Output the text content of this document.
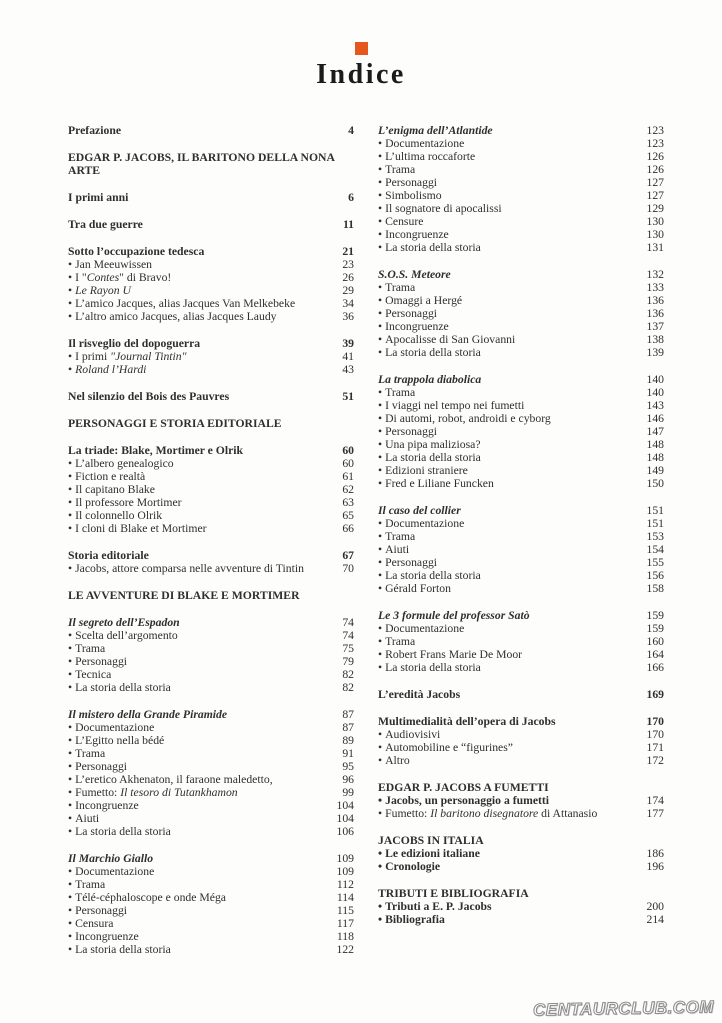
Indice
Prefazione	4
EDGAR P. JACOBS, IL BARITONO DELLA NONA ARTE
I primi anni	6
Tra due guerre	11
Sotto l’occupazione tedesca	21
• Jan Meeuwissen	23
• I "Contes" di Bravo!	26
• Le Rayon U	29
• L’amico Jacques, alias Jacques Van Melkebeke	34
• L’altro amico Jacques, alias Jacques Laudy	36
Il risveglio del dopoguerra	39
• I primi "Journal Tintin"	41
• Roland l’Hardi	43
Nel silenzio del Bois des Pauvres	51
PERSONAGGI E STORIA EDITORIALE
La triade: Blake, Mortimer e Olrik	60
• L’albero genealogico	60
• Fiction e realtà	61
• Il capitano Blake	62
• Il professore Mortimer	63
• Il colonnello Olrik	65
• I cloni di Blake et Mortimer	66
Storia editoriale	67
• Jacobs, attore comparsa nelle avventure di Tintin	70
LE AVVENTURE DI BLAKE E MORTIMER
Il segreto dell’Espadon	74
• Scelta dell’argomento	74
• Trama	75
• Personaggi	79
• Tecnica	82
• La storia della storia	82
Il mistero della Grande Piramide	87
• Documentazione	87
• L’Egitto nella bédé	89
• Trama	91
• Personaggi	95
• L’eretico Akhenaton, il faraone maledetto,	96
• Fumetto: Il tesoro di Tutankhamon	99
• Incongruenze	104
• Aiuti	104
• La storia della storia	106
Il Marchio Giallo	109
• Documentazione	109
• Trama	112
• Télé-céphaloscope e onde Méga	114
• Personaggi	115
• Censura	117
• Incongruenze	118
• La storia della storia	122
L’enigma dell’Atlantide	123
• Documentazione	123
• L’ultima roccaforte	126
• Trama	126
• Personaggi	127
• Simbolismo	127
• Il sognatore di apocalissi	129
• Censure	130
• Incongruenze	130
• La storia della storia	131
S.O.S. Meteore	132
• Trama	133
• Omaggi a Hergé	136
• Personaggi	136
• Incongruenze	137
• Apocalisse di San Giovanni	138
• La storia della storia	139
La trappola diabolica	140
• Trama	140
• I viaggi nel tempo nei fumetti	143
• Di automi, robot, androidi e cyborg	146
• Personaggi	147
• Una pipa maliziosa?	148
• La storia della storia	148
• Edizioni straniere	149
• Fred e Liliane Funcken	150
Il caso del collier	151
• Documentazione	151
• Trama	153
• Aiuti	154
• Personaggi	155
• La storia della storia	156
• Gérald Forton	158
Le 3 formule del professor Satò	159
• Documentazione	159
• Trama	160
• Robert Frans Marie De Moor	164
• La storia della storia	166
L’eredità Jacobs	169
Multimedialità dell’opera di Jacobs	170
• Audiovisivi	170
• Automobiline e “figurines”	171
• Altro	172
EDGAR P. JACOBS A FUMETTI
• Jacobs, un personaggio a fumetti	174
• Fumetto: Il baritono disegnatore di Attanasio	177
JACOBS IN ITALIA
• Le edizioni italiane	186
• Cronologie	196
TRIBUTI E BIBLIOGRAFIA
• Tributi a E. P. Jacobs	200
• Bibliografia	214
CENTAURCLUB.COM
